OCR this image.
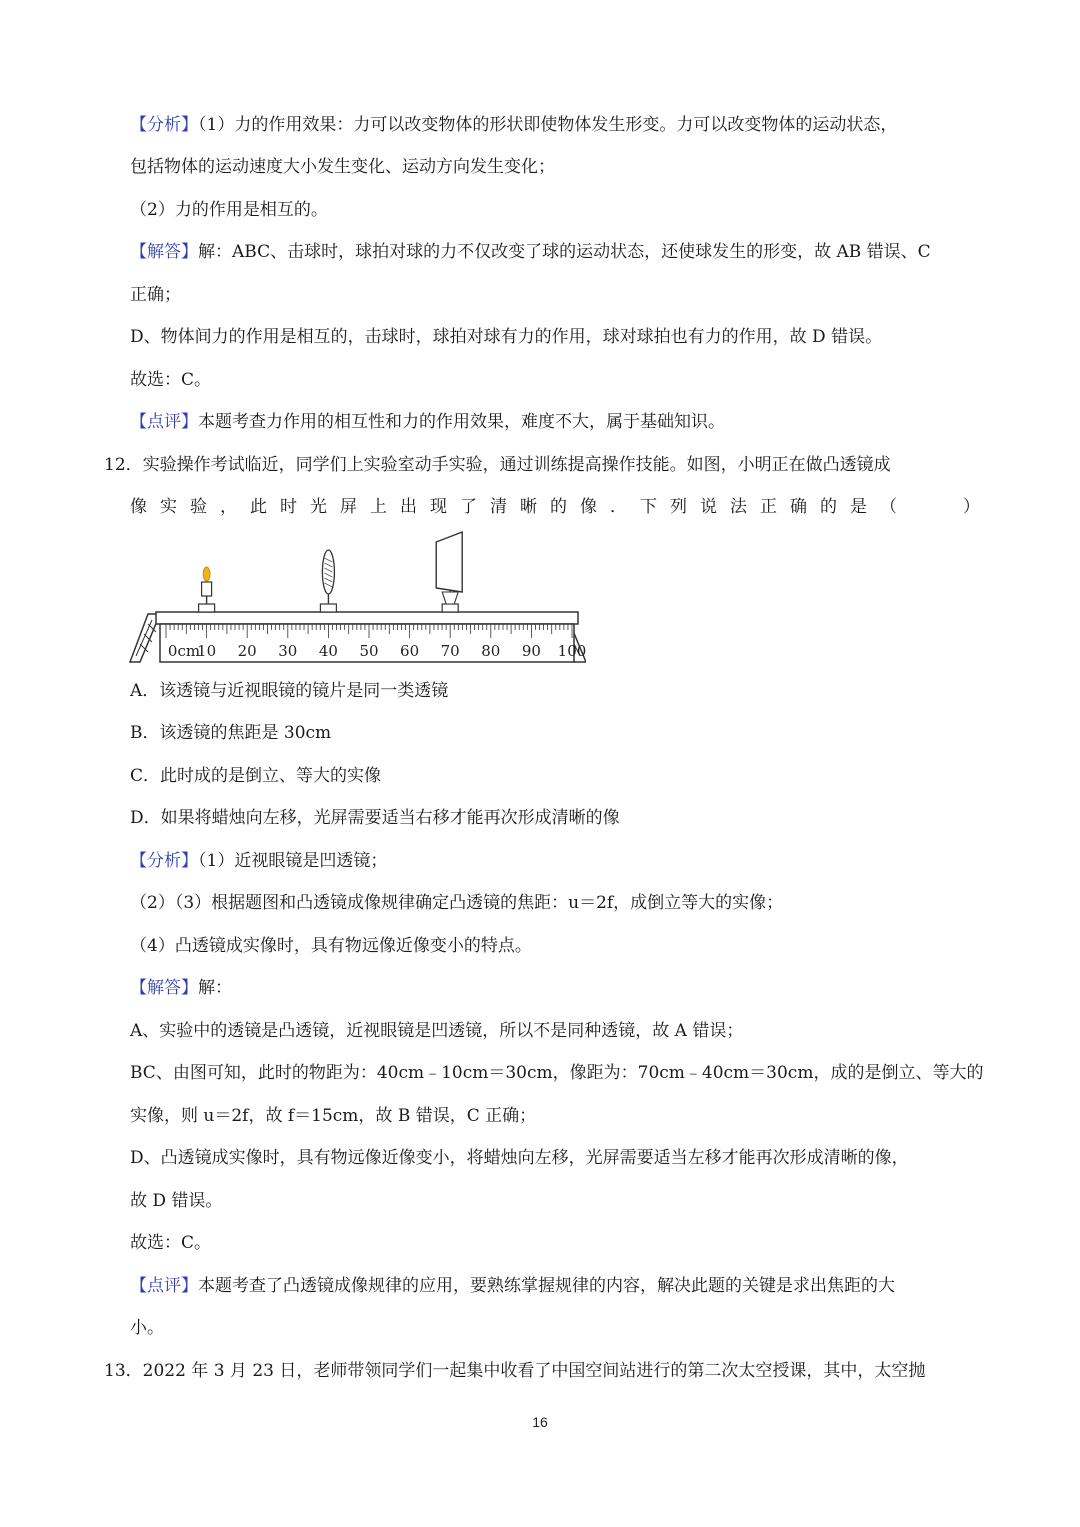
【分析】（1）力的作用效果：力可以改变物体的形状即使物体发生形变。力可以改变物体的运动状态，
包括物体的运动速度大小发生变化、运动方向发生变化；
（2）力的作用是相互的。
【解答】解：ABC、击球时，球拍对球的力不仅改变了球的运动状态，还使球发生的形变，故 AB 错误、C
正确；
D、物体间力的作用是相互的，击球时，球拍对球有力的作用，球对球拍也有力的作用，故 D 错误。
故选：C。
【点评】本题考查力作用的相互性和力的作用效果，难度不大，属于基础知识。
12．实验操作考试临近，同学们上实验室动手实验，通过训练提高操作技能。如图，小明正在做凸透镜成
像 实 验 ， 此 时 光 屏 上 出 现 了 清 晰 的 像 ． 下 列 说 法 正 确 的 是 （	）
0cm
10 20 30 40 50 60 70 80 90 100
A．该透镜与近视眼镜的镜片是同一类透镜
B．该透镜的焦距是 30cm
C．此时成的是倒立、等大的实像
D．如果将蜡烛向左移，光屏需要适当右移才能再次形成清晰的像
【分析】（1）近视眼镜是凹透镜；
（2）（3）根据题图和凸透镜成像规律确定凸透镜的焦距：u＝2f，成倒立等大的实像；
（4）凸透镜成实像时，具有物远像近像变小的特点。
【解答】解：
A、实验中的透镜是凸透镜，近视眼镜是凹透镜，所以不是同种透镜，故 A 错误；
BC、由图可知，此时的物距为：40cm﹣10cm＝30cm，像距为：70cm﹣40cm＝30cm，成的是倒立、等大的
实像，则 u＝2f，故 f＝15cm，故 B 错误，C 正确；
D、凸透镜成实像时，具有物远像近像变小，将蜡烛向左移，光屏需要适当左移才能再次形成清晰的像，
故 D 错误。
故选：C。
【点评】本题考查了凸透镜成像规律的应用，要熟练掌握规律的内容，解决此题的关键是求出焦距的大
小。
13．2022 年 3 月 23 日，老师带领同学们一起集中收看了中国空间站进行的第二次太空授课，其中，太空抛
16
